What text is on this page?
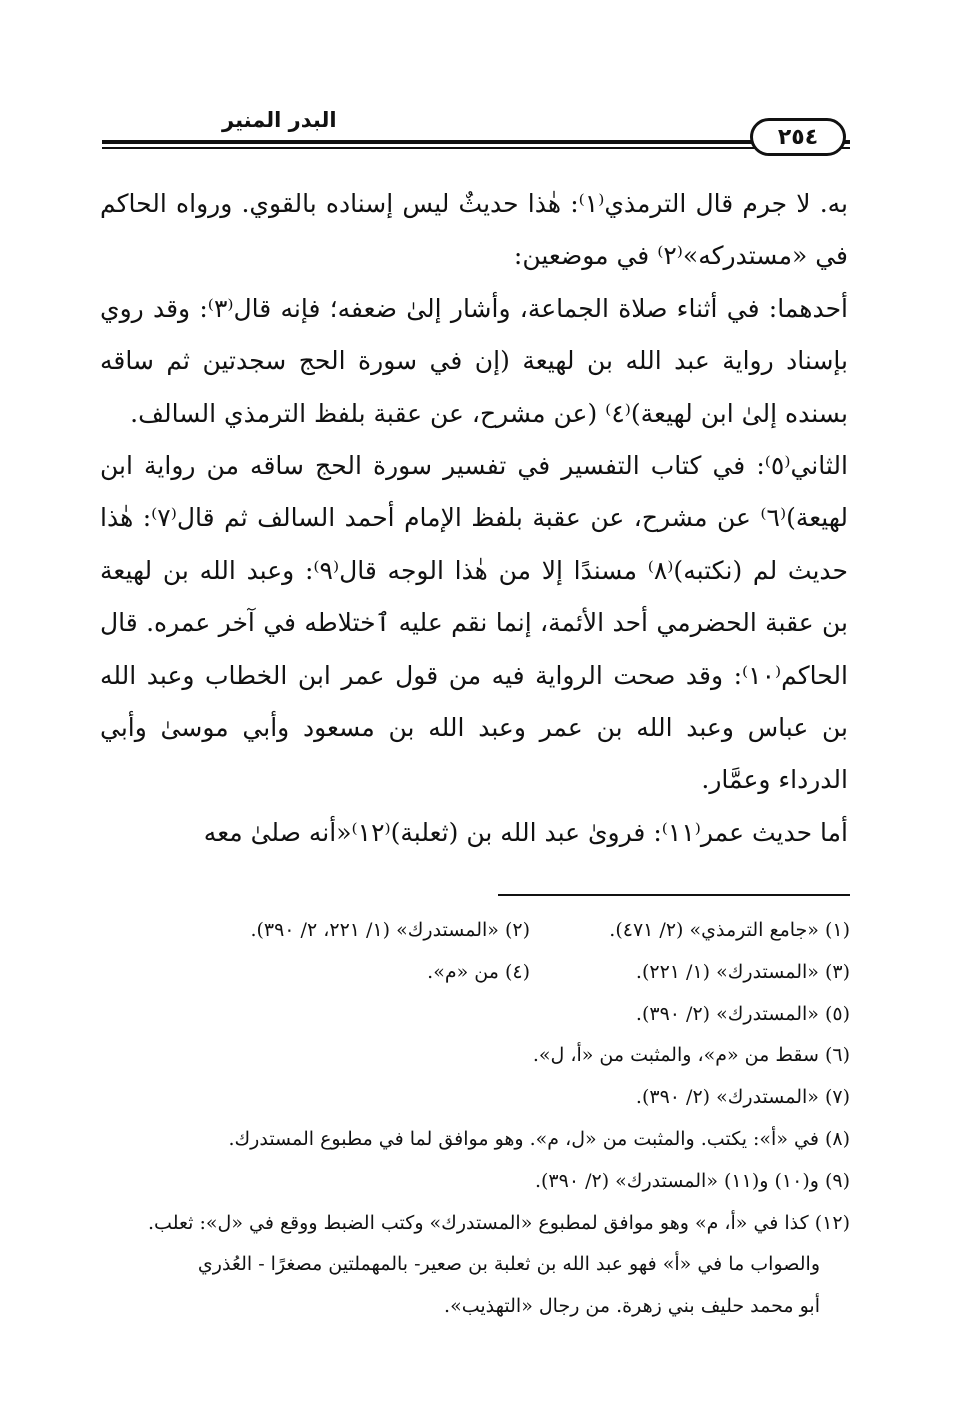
البدر المنير
٢٥٤

به. لا جرم قال الترمذي⁽١⁾: هٰذا حديثٌ ليس إسناده بالقوي. ورواه الحاكم في «مستدركه»⁽٢⁾ في موضعين:

أحدهما: في أثناء صلاة الجماعة، وأشار إلىٰ ضعفه؛ فإنه قال⁽٣⁾: وقد روي بإسناد رواية عبد الله بن لهيعة (إن في سورة الحج سجدتين ثم ساقه بسنده إلىٰ ابن لهيعة)⁽٤⁾ (عن مشرح، عن عقبة بلفظ الترمذي السالف.

الثاني⁽٥⁾: في كتاب التفسير في تفسير سورة الحج ساقه من رواية ابن لهيعة)⁽٦⁾ عن مشرح، عن عقبة بلفظ الإمام أحمد السالف ثم قال⁽٧⁾: هٰذا حديث لم (نكتبه)⁽٨⁾ مسندًا إلا من هٰذا الوجه قال⁽٩⁾: وعبد الله بن لهيعة بن عقبة الحضرمي أحد الأئمة، إنما نقم عليه ٱختلاطه في آخر عمره. قال الحاكم⁽١٠⁾: وقد صحت الرواية فيه من قول عمر ابن الخطاب وعبد الله بن عباس وعبد الله بن عمر وعبد الله بن مسعود وأبي موسىٰ وأبي الدرداء وعمَّار.

أما حديث عمر⁽١١⁾: فروىٰ عبد الله بن (ثعلبة)⁽١٢⁾«أنه صلىٰ معه

(١) «جامع الترمذي» (٢/ ٤٧١).
(٢) «المستدرك» (١/ ٢٢١، ٢/ ٣٩٠).
(٣) «المستدرك» (١/ ٢٢١).
(٤) من «م».
(٥) «المستدرك» (٢/ ٣٩٠).
(٦) سقط من «م»، والمثبت من «أ، ل».
(٧) «المستدرك» (٢/ ٣٩٠).
(٨) في «أ»: يكتب. والمثبت من «ل، م». وهو موافق لما في مطبوع المستدرك.
(٩) و(١٠) و(١١) «المستدرك» (٢/ ٣٩٠).
(١٢) كذا في «أ، م» وهو موافق لمطبوع «المستدرك» وكتب الضبط ووقع في «ل»: ثعلب.
والصواب ما في «أ» فهو عبد الله بن ثعلبة بن صعير- بالمهملتين مصغرًا - العُذري
أبو محمد حليف بني زهرة. من رجال «التهذيب».
